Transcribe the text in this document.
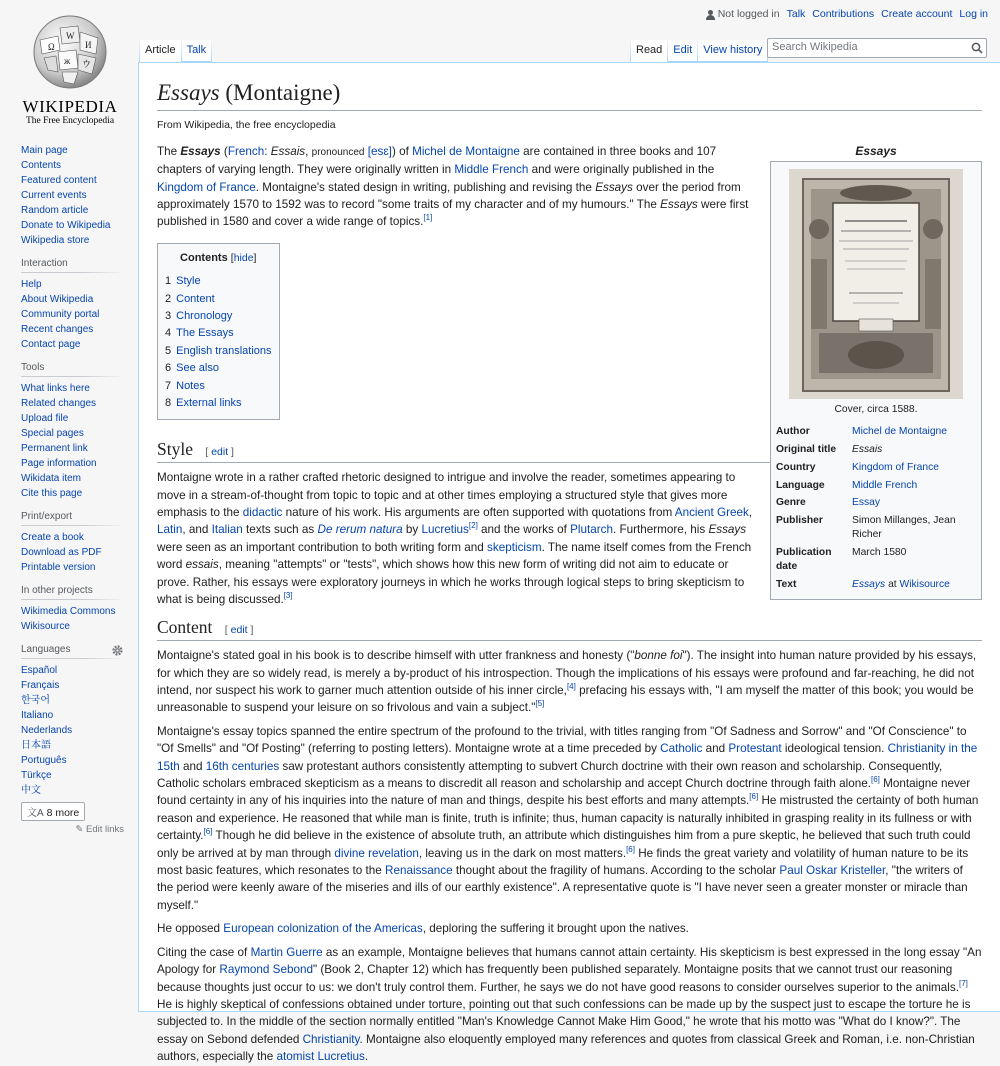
Not logged in Talk Contributions Create account Log in
Ω
W
И
ж ウ
WIKIPEDIA
The Free Encyclopedia
Article	Talk	Read	Edit	View history Search Wikipedia
Main page
Contents
Featured content
Current events
Random article
Donate to Wikipedia
Wikipedia store
Interaction
Help
About Wikipedia
Community portal
Recent changes
Contact page
Tools
What links here
Related changes
Upload file
Special pages
Permanent link
Page information
Wikidata item
Cite this page
Print/export
Create a book
Download as PDF
Printable version
In other projects
Wikimedia Commons
Wikisource
Languages
Español
Français
한국어
Italiano
Nederlands
日本語
Português
Türkçe
中文
文A 8 more
✎ Edit links
Essays (Montaigne)
From Wikipedia, the free encyclopedia
Essays
Cover, circa 1588.
Author	Michel de Montaigne
Original title	Essais
Country	Kingdom of France
Language	Middle French
Genre	Essay
Publisher	Simon Millanges, Jean Richer
Publication date	March 1580
Text	Essays at Wikisource

The Essays (French: Essais, pronounced [esɛ]) of Michel de Montaigne are contained in three books and 107 chapters of varying length. They were originally written in Middle French and were originally published in the Kingdom of France. Montaigne's stated design in writing, publishing and revising the Essays over the period from approximately 1570 to 1592 was to record "some traits of my character and of my humours." The Essays were first published in 1580 and cover a wide range of topics.[1]

Contents [hide]
1 Style
2 Content
3 Chronology
4 The Essays
5 English translations
6 See also
7 Notes
8 External links
Style [ edit ]

Montaigne wrote in a rather crafted rhetoric designed to intrigue and involve the reader, sometimes appearing to move in a stream-of-thought from topic to topic and at other times employing a structured style that gives more emphasis to the didactic nature of his work. His arguments are often supported with quotations from Ancient Greek, Latin, and Italian texts such as De rerum natura by Lucretius[2] and the works of Plutarch. Furthermore, his Essays were seen as an important contribution to both writing form and skepticism. The name itself comes from the French word essais, meaning "attempts" or "tests", which shows how this new form of writing did not aim to educate or prove. Rather, his essays were exploratory journeys in which he works through logical steps to bring skepticism to what is being discussed.[3]

Content [ edit ]

Montaigne's stated goal in his book is to describe himself with utter frankness and honesty ("bonne foi"). The insight into human nature provided by his essays, for which they are so widely read, is merely a by-product of his introspection. Though the implications of his essays were profound and far-reaching, he did not intend, nor suspect his work to garner much attention outside of his inner circle,[4] prefacing his essays with, "I am myself the matter of this book; you would be unreasonable to suspend your leisure on so frivolous and vain a subject."[5]

Montaigne's essay topics spanned the entire spectrum of the profound to the trivial, with titles ranging from "Of Sadness and Sorrow" and "Of Conscience" to "Of Smells" and "Of Posting" (referring to posting letters). Montaigne wrote at a time preceded by Catholic and Protestant ideological tension. Christianity in the 15th and 16th centuries saw protestant authors consistently attempting to subvert Church doctrine with their own reason and scholarship. Consequently, Catholic scholars embraced skepticism as a means to discredit all reason and scholarship and accept Church doctrine through faith alone.[6] Montaigne never found certainty in any of his inquiries into the nature of man and things, despite his best efforts and many attempts.[6] He mistrusted the certainty of both human reason and experience. He reasoned that while man is finite, truth is infinite; thus, human capacity is naturally inhibited in grasping reality in its fullness or with certainty.[6] Though he did believe in the existence of absolute truth, an attribute which distinguishes him from a pure skeptic, he believed that such truth could only be arrived at by man through divine revelation, leaving us in the dark on most matters.[6] He finds the great variety and volatility of human nature to be its most basic features, which resonates to the Renaissance thought about the fragility of humans. According to the scholar Paul Oskar Kristeller, "the writers of the period were keenly aware of the miseries and ills of our earthly existence". A representative quote is "I have never seen a greater monster or miracle than myself."

He opposed European colonization of the Americas, deploring the suffering it brought upon the natives.

Citing the case of Martin Guerre as an example, Montaigne believes that humans cannot attain certainty. His skepticism is best expressed in the long essay "An Apology for Raymond Sebond" (Book 2, Chapter 12) which has frequently been published separately. Montaigne posits that we cannot trust our reasoning because thoughts just occur to us: we don't truly control them. Further, he says we do not have good reasons to consider ourselves superior to the animals.[7] He is highly skeptical of confessions obtained under torture, pointing out that such confessions can be made up by the suspect just to escape the torture he is subjected to. In the middle of the section normally entitled "Man's Knowledge Cannot Make Him Good," he wrote that his motto was "What do I know?". The essay on Sebond defended Christianity. Montaigne also eloquently employed many references and quotes from classical Greek and Roman, i.e. non-Christian authors, especially the atomist Lucretius.
